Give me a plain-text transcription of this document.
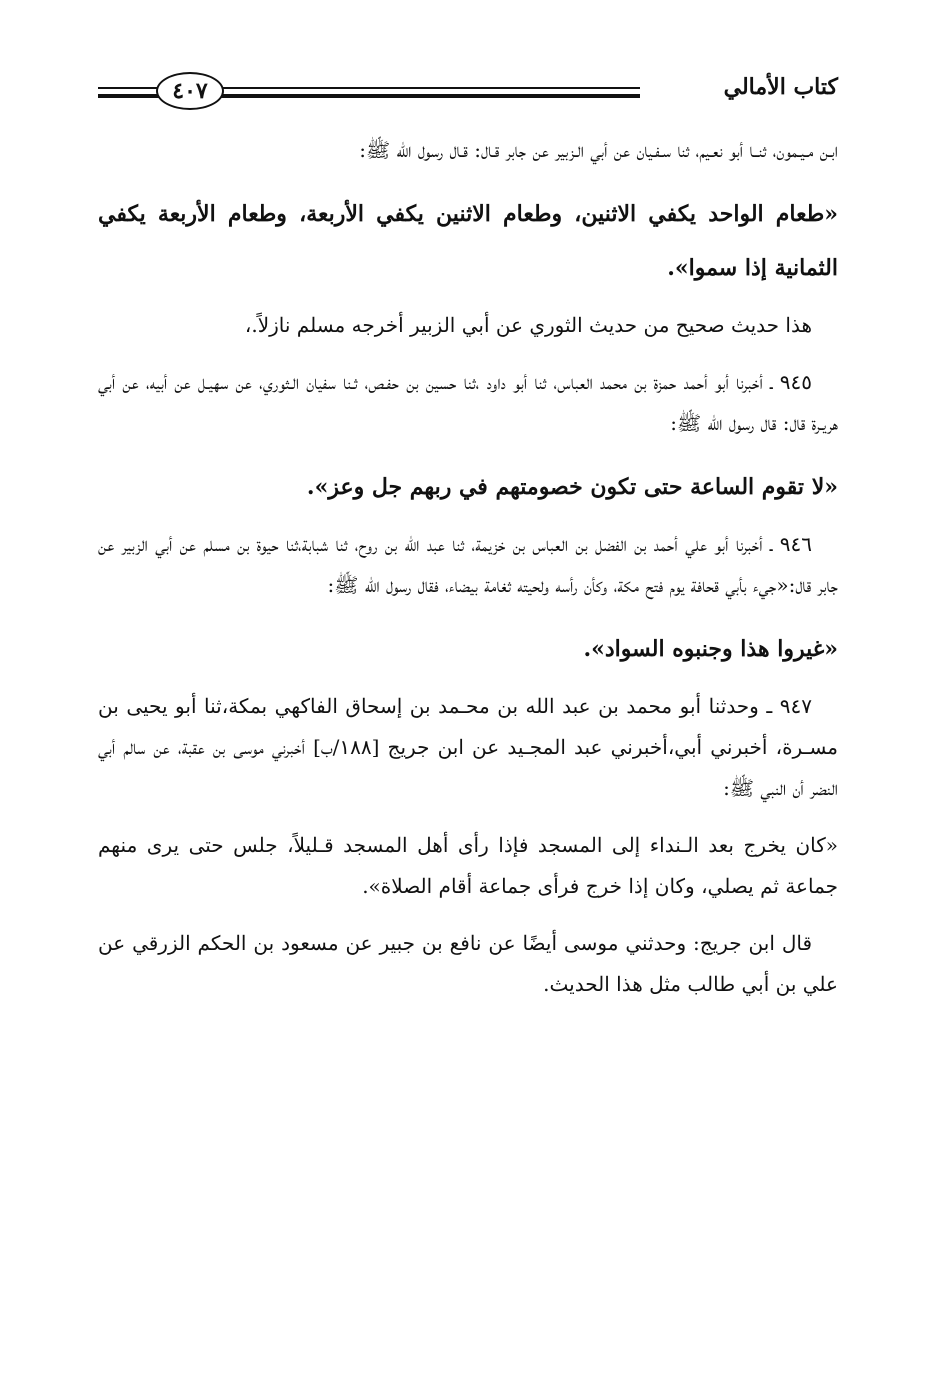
كتاب الأمالي
٤٠٧

ابـن مـيـمون، ثنــا أبو نعـيم، ثنا سـفـيان عن أبي الـزبير عن جابر قـال: قـال رسول الله ﷺ:

«طعام الواحد يكفي الاثنين، وطعام الاثنين يكفي الأربعة، وطعام الأربعة يكفي الثمانية إذا سموا».

هذا حديث صحيح من حديث الثوري عن أبي الزبير أخرجه مسلم نازلاً.،

٩٤٥ ـ أخبرنا أبو أحمد حمزة بن محمد العباس، ثنا أبو داود ،ثنا حسين بن حفـص، ثـنا سفيان الـثوري، عن سهيـل عن أبيه، عن أبي هريـرة قال: قال رسول الله ﷺ:

«لا تقوم الساعة حتى تكون خصومتهم في ربهم جل وعز».

٩٤٦ ـ أخبرنا أبو علي أحمد بن الفضل بن العباس بن خزيمة، ثنا عبد الله بن روح، ثنا شبابة،ثنا حيوة بن مسلم عن أبي الزبير عن جابر قال:«جيء بأبي قحافة يوم فتح مكة، وكأن رأسه ولحيته ثغامة بيضاء، فقال رسول الله ﷺ:

«غيروا هذا وجنبوه السواد».

٩٤٧ ـ وحدثنا أبو محمد بن عبد الله بن محـمد بن إسحاق الفاكهي بمكة،ثنا أبو يحيى بن مسـرة، أخبرني أبي،أخبرني عبد المجـيد عن ابن جريج [١٨٨/ب] أخبرني موسى بن عقبة، عن سالم أبي النضر أن النبي ﷺ:

«كان يخرج بعد الـنداء إلى المسجد فإذا رأى أهل المسجد قـليلاً، جلس حتى يرى منهم جماعة ثم يصلي، وكان إذا خرج فرأى جماعة أقام الصلاة».

قال ابن جريج: وحدثني موسى أيضًا عن نافع بن جبير عن مسعود بن الحكم الزرقي عن علي بن أبي طالب مثل هذا الحديث.
